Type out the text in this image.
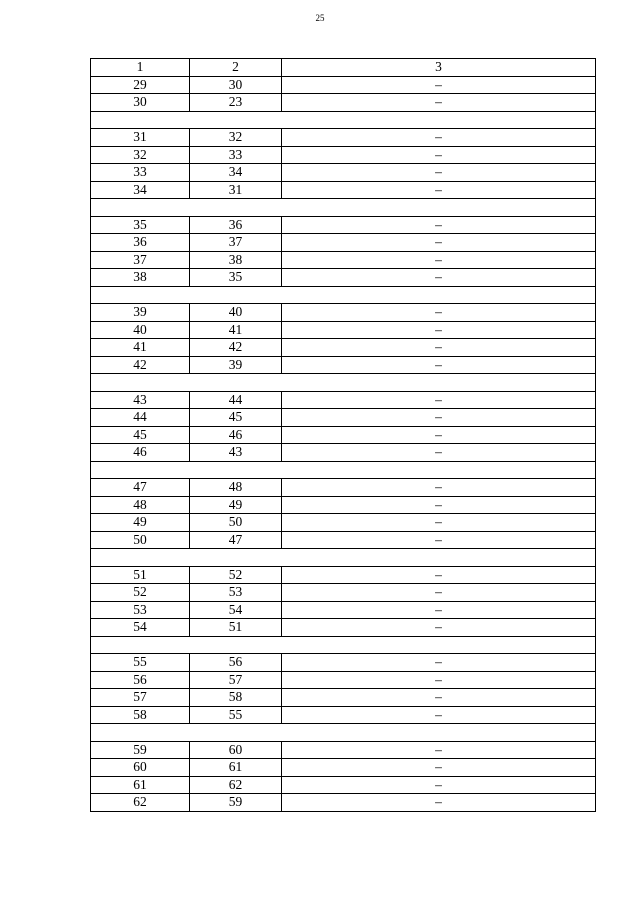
25
1	2	3
29	30	–
30	23	–

31	32	–
32	33	–
33	34	–
34	31	–

35	36	–
36	37	–
37	38	–
38	35	–

39	40	–
40	41	–
41	42	–
42	39	–

43	44	–
44	45	–
45	46	–
46	43	–

47	48	–
48	49	–
49	50	–
50	47	–

51	52	–
52	53	–
53	54	–
54	51	–

55	56	–
56	57	–
57	58	–
58	55	–

59	60	–
60	61	–
61	62	–
62	59	–
